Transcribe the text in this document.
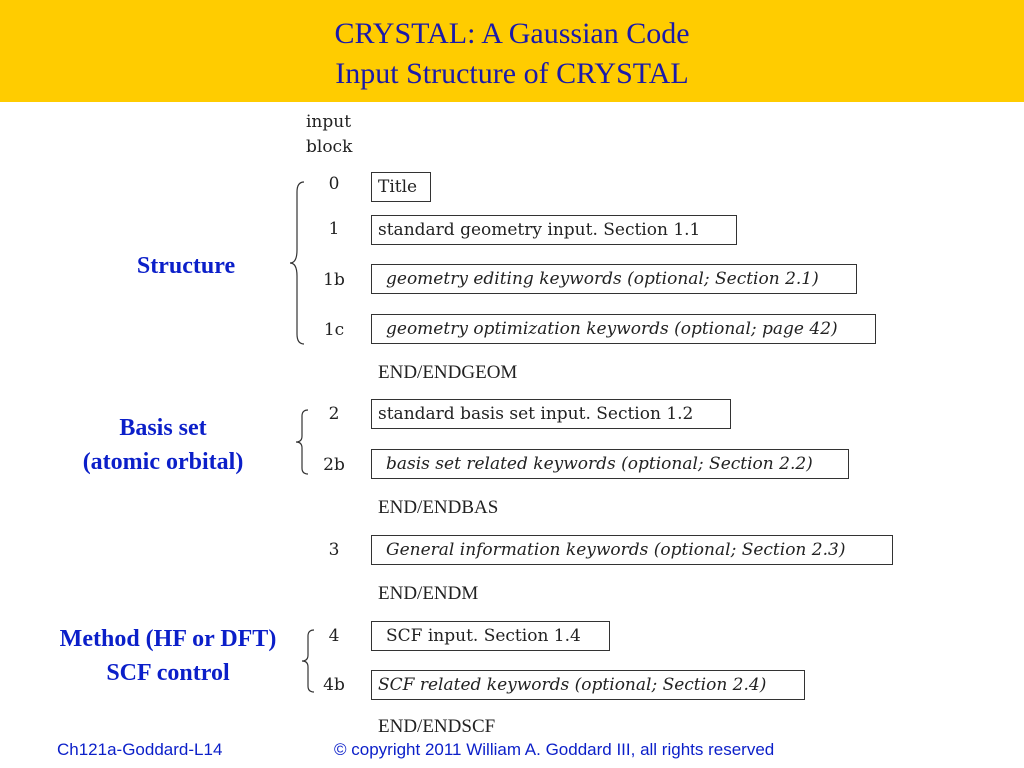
CRYSTAL: A Gaussian Code
Input Structure of CRYSTAL
input
block
Structure
Basis set
(atomic orbital)
Method (HF or DFT)
SCF control
0	Title
1	standard geometry input. Section 1.1
1b	geometry editing keywords (optional; Section 2.1)
1c	geometry optimization keywords (optional; page 42)
END/ENDGEOM
2	standard basis set input. Section 1.2
2b	basis set related keywords (optional; Section 2.2)
END/ENDBAS
3	General information keywords (optional; Section 2.3)
END/ENDM
4	SCF input. Section 1.4
4b	SCF related keywords (optional; Section 2.4)
END/ENDSCF
Ch121a-Goddard-L14	© copyright 2011 William A. Goddard III, all rights reserved
